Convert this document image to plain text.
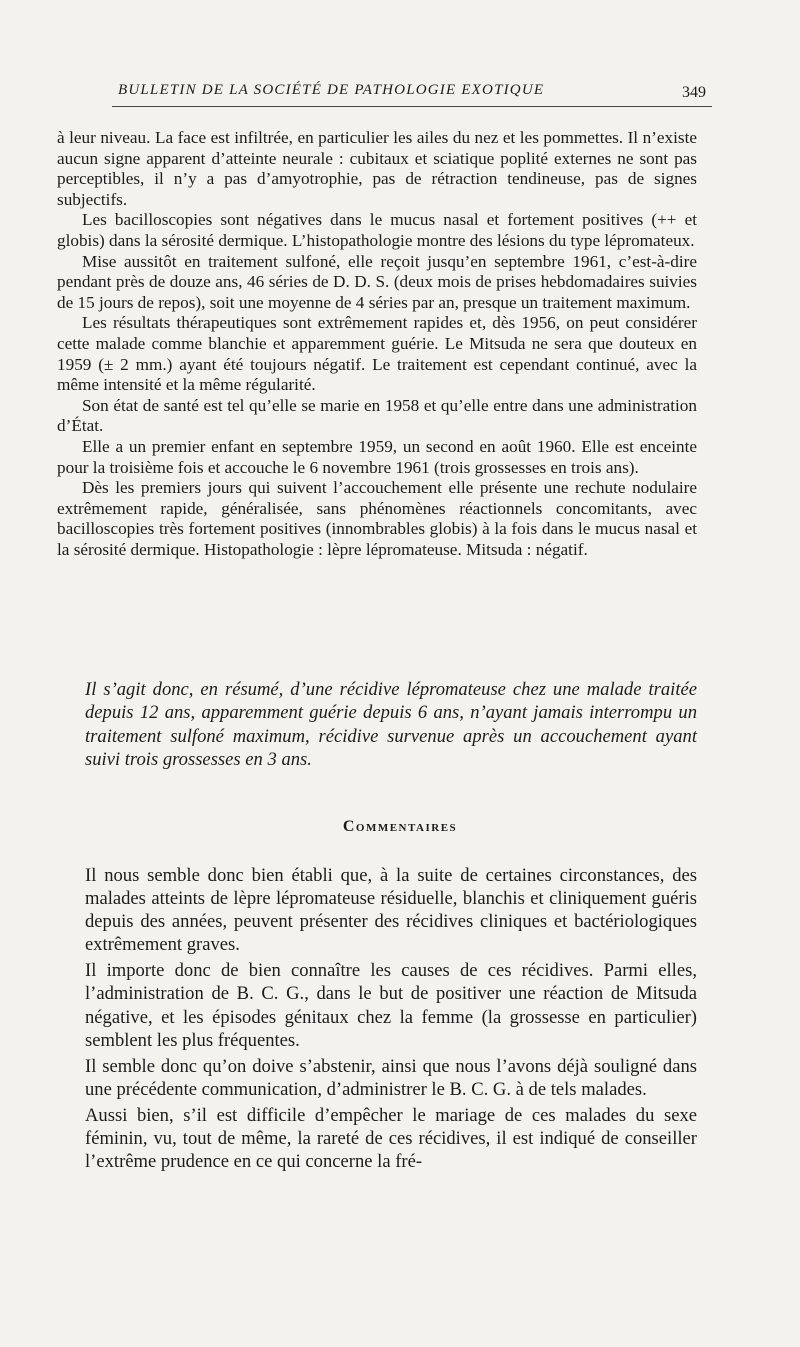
BULLETIN DE LA SOCIÉTÉ DE PATHOLOGIE EXOTIQUE	349

à leur niveau. La face est infiltrée, en particulier les ailes du nez et les pommettes. Il n’existe aucun signe apparent d’atteinte neurale : cubitaux et sciatique poplité externes ne sont pas perceptibles, il n’y a pas d’amyotrophie, pas de rétraction tendineuse, pas de signes subjectifs.

Les bacilloscopies sont négatives dans le mucus nasal et fortement positives (++ et globis) dans la sérosité dermique. L’histopathologie montre des lésions du type lépromateux.

Mise aussitôt en traitement sulfoné, elle reçoit jusqu’en septembre 1961, c’est-à-dire pendant près de douze ans, 46 séries de D. D. S. (deux mois de prises hebdomadaires suivies de 15 jours de repos), soit une moyenne de 4 séries par an, presque un traitement maximum.

Les résultats thérapeutiques sont extrêmement rapides et, dès 1956, on peut considérer cette malade comme blanchie et apparemment guérie. Le Mitsuda ne sera que douteux en 1959 (± 2 mm.) ayant été toujours négatif. Le traitement est cependant continué, avec la même intensité et la même régularité.

Son état de santé est tel qu’elle se marie en 1958 et qu’elle entre dans une administration d’État.

Elle a un premier enfant en septembre 1959, un second en août 1960. Elle est enceinte pour la troisième fois et accouche le 6 novembre 1961 (trois grossesses en trois ans).

Dès les premiers jours qui suivent l’accouchement elle présente une rechute nodulaire extrêmement rapide, généralisée, sans phénomènes réactionnels concomitants, avec bacilloscopies très fortement positives (innombrables globis) à la fois dans le mucus nasal et la sérosité dermique. Histopathologie : lèpre lépromateuse. Mitsuda : négatif.

Il s’agit donc, en résumé, d’une récidive lépromateuse chez une malade traitée depuis 12 ans, apparemment guérie depuis 6 ans, n’ayant jamais interrompu un traitement sulfoné maximum, récidive survenue après un accouchement ayant suivi trois grossesses en 3 ans.

Commentaires

Il nous semble donc bien établi que, à la suite de certaines circonstances, des malades atteints de lèpre lépromateuse résiduelle, blanchis et cliniquement guéris depuis des années, peuvent présenter des récidives cliniques et bactériologiques extrêmement graves.

Il importe donc de bien connaître les causes de ces récidives. Parmi elles, l’administration de B. C. G., dans le but de positiver une réaction de Mitsuda négative, et les épisodes génitaux chez la femme (la grossesse en particulier) semblent les plus fréquentes.

Il semble donc qu’on doive s’abstenir, ainsi que nous l’avons déjà souligné dans une précédente communication, d’administrer le B. C. G. à de tels malades.

Aussi bien, s’il est difficile d’empêcher le mariage de ces malades du sexe féminin, vu, tout de même, la rareté de ces récidives, il est indiqué de conseiller l’extrême prudence en ce qui concerne la fré-
